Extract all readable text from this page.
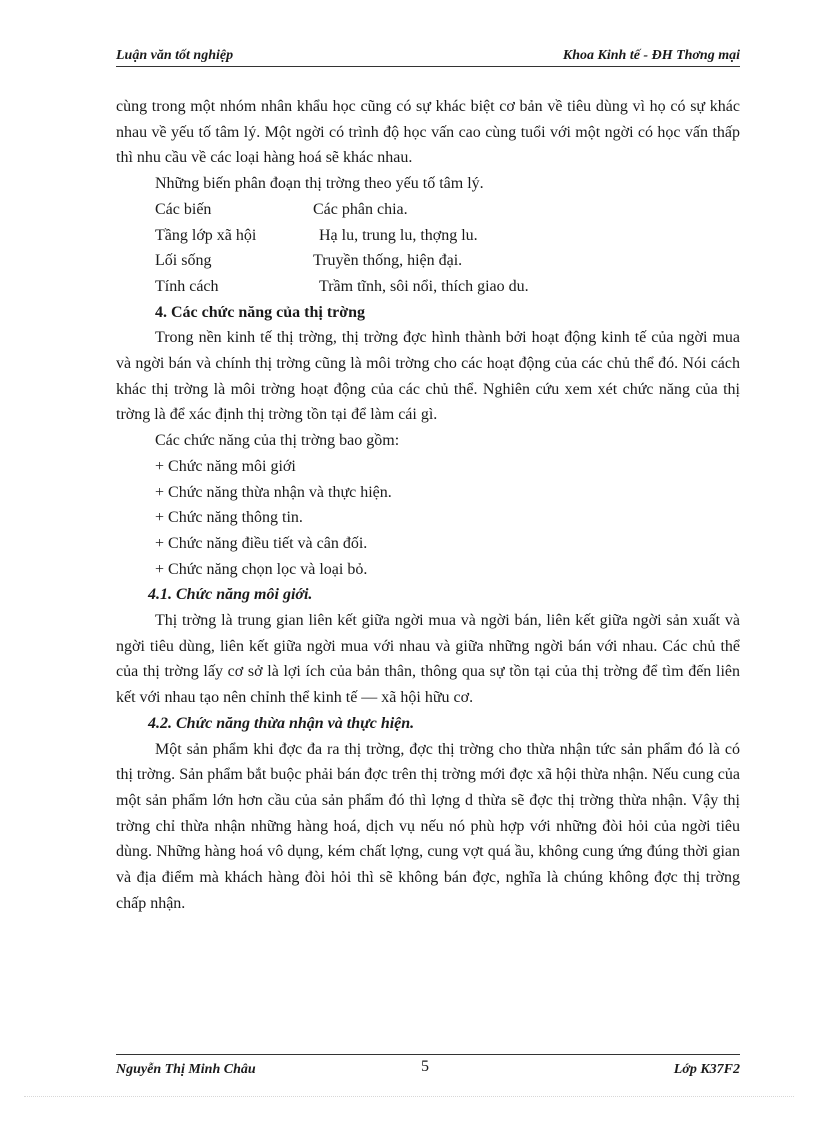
Luận văn tốt nghiệp	Khoa Kinh tế - ĐH Thơng mại

cùng trong một nhóm nhân khẩu học cũng có sự khác biệt cơ bản về tiêu dùng vì họ có sự khác nhau về yếu tố tâm lý. Một ngời có trình độ học vấn cao cùng tuổi với một ngời có học vấn thấp thì nhu cầu về các loại hàng hoá sẽ khác nhau.

Những biến phân đoạn thị trờng theo yếu tố tâm lý.

Các biến	Các phân chia.
Tầng lớp xã hội	Hạ lu, trung lu, thợng lu.
Lối sống	Truyền thống, hiện đại.
Tính cách	Trầm tĩnh, sôi nổi, thích giao du.

4. Các chức năng của thị trờng

Trong nền kinh tế thị trờng, thị trờng đợc hình thành bởi hoạt động kinh tế của ngời mua và ngời bán và chính thị trờng cũng là môi trờng cho các hoạt động của các chủ thể đó. Nói cách khác thị trờng là môi trờng hoạt động của các chủ thể. Nghiên cứu xem xét chức năng của thị trờng là để xác định thị trờng tồn tại để làm cái gì.

Các chức năng của thị trờng bao gồm:

+ Chức năng môi giới

+ Chức năng thừa nhận và thực hiện.

+ Chức năng thông tin.

+ Chức năng điều tiết và cân đối.

+ Chức năng chọn lọc và loại bỏ.

4.1. Chức năng môi giới.

Thị trờng là trung gian liên kết giữa ngời mua và ngời bán, liên kết giữa ngời sản xuất và ngời tiêu dùng, liên kết giữa ngời mua với nhau và giữa những ngời bán với nhau. Các chủ thể của thị trờng lấy cơ sở là lợi ích của bản thân, thông qua sự tồn tại của thị trờng để tìm đến liên kết với nhau tạo nên chỉnh thể kinh tế — xã hội hữu cơ.

4.2. Chức năng thừa nhận và thực hiện.

Một sản phẩm khi đợc đa ra thị trờng, đợc thị trờng cho thừa nhận tức sản phẩm đó là có thị trờng. Sản phẩm bắt buộc phải bán đợc trên thị trờng mới đợc xã hội thừa nhận. Nếu cung của một sản phẩm lớn hơn cầu của sản phẩm đó thì lợng d thừa sẽ đợc thị trờng thừa nhận. Vậy thị trờng chỉ thừa nhận những hàng hoá, dịch vụ nếu nó phù hợp với những đòi hỏi của ngời tiêu dùng. Những hàng hoá vô dụng, kém chất lợng, cung vợt quá ầu, không cung ứng đúng thời gian và địa điểm mà khách hàng đòi hỏi thì sẽ không bán đợc, nghĩa là chúng không đợc thị trờng chấp nhận.

Nguyễn Thị Minh Châu	5	Lớp K37F2
